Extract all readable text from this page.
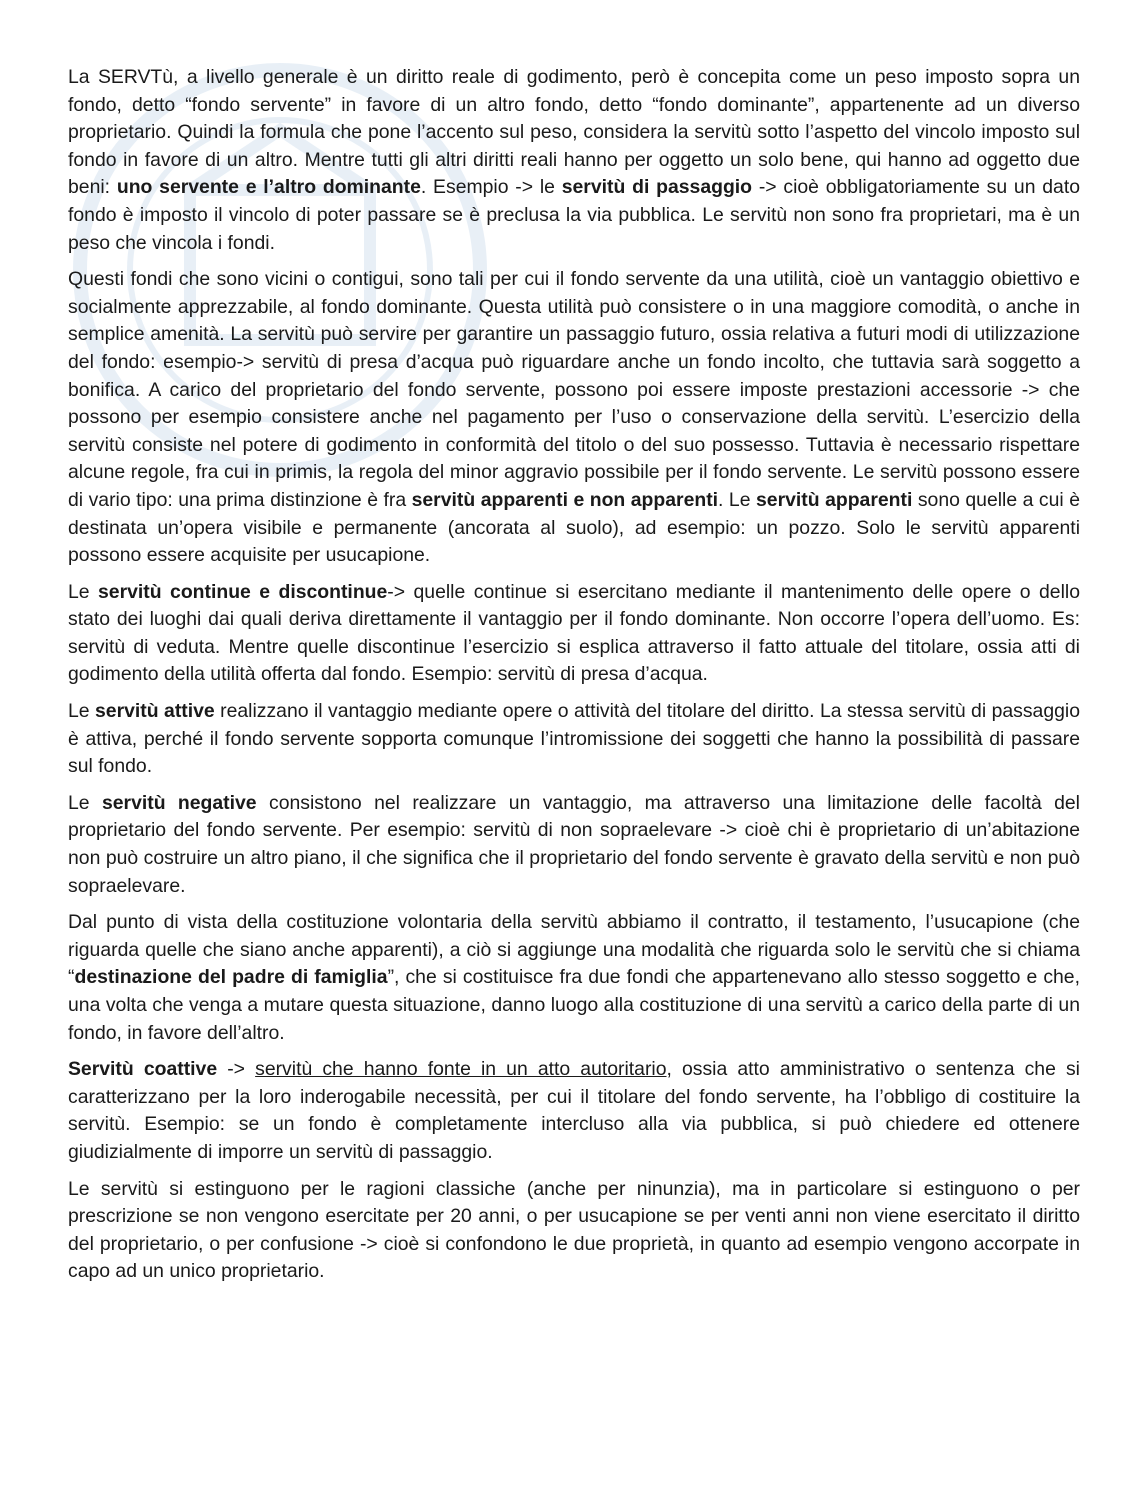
La SERVTù, a livello generale è un diritto reale di godimento, però è concepita come un peso imposto sopra un fondo, detto “fondo servente” in favore di un altro fondo, detto “fondo dominante”, appartenente ad un diverso proprietario. Quindi la formula che pone l’accento sul peso, considera la servitù sotto l’aspetto del vincolo imposto sul fondo in favore di un altro. Mentre tutti gli altri diritti reali hanno per oggetto un solo bene, qui hanno ad oggetto due beni: uno servente e l’altro dominante. Esempio -> le servitù di passaggio -> cioè obbligatoriamente su un dato fondo è imposto il vincolo di poter passare se è preclusa la via pubblica. Le servitù non sono fra proprietari, ma è un peso che vincola i fondi.

Questi fondi che sono vicini o contigui, sono tali per cui il fondo servente da una utilità, cioè un vantaggio obiettivo e socialmente apprezzabile, al fondo dominante. Questa utilità può consistere o in una maggiore comodità, o anche in semplice amenità. La servitù può servire per garantire un passaggio futuro, ossia relativa a futuri modi di utilizzazione del fondo: esempio-> servitù di presa d’acqua può riguardare anche un fondo incolto, che tuttavia sarà soggetto a bonifica. A carico del proprietario del fondo servente, possono poi essere imposte prestazioni accessorie -> che possono per esempio consistere anche nel pagamento per l’uso o conservazione della servitù. L’esercizio della servitù consiste nel potere di godimento in conformità del titolo o del suo possesso. Tuttavia è necessario rispettare alcune regole, fra cui in primis, la regola del minor aggravio possibile per il fondo servente. Le servitù possono essere di vario tipo: una prima distinzione è fra servitù apparenti e non apparenti. Le servitù apparenti sono quelle a cui è destinata un’opera visibile e permanente (ancorata al suolo), ad esempio: un pozzo. Solo le servitù apparenti possono essere acquisite per usucapione.

Le servitù continue e discontinue-> quelle continue si esercitano mediante il mantenimento delle opere o dello stato dei luoghi dai quali deriva direttamente il vantaggio per il fondo dominante. Non occorre l’opera dell’uomo. Es: servitù di veduta. Mentre quelle discontinue l’esercizio si esplica attraverso il fatto attuale del titolare, ossia atti di godimento della utilità offerta dal fondo. Esempio: servitù di presa d’acqua.

Le servitù attive realizzano il vantaggio mediante opere o attività del titolare del diritto. La stessa servitù di passaggio è attiva, perché il fondo servente sopporta comunque l’intromissione dei soggetti che hanno la possibilità di passare sul fondo.

Le servitù negative consistono nel realizzare un vantaggio, ma attraverso una limitazione delle facoltà del proprietario del fondo servente. Per esempio: servitù di non sopraelevare -> cioè chi è proprietario di un’abitazione non può costruire un altro piano, il che significa che il proprietario del fondo servente è gravato della servitù e non può sopraelevare.

Dal punto di vista della costituzione volontaria della servitù abbiamo il contratto, il testamento, l’usucapione (che riguarda quelle che siano anche apparenti), a ciò si aggiunge una modalità che riguarda solo le servitù che si chiama “destinazione del padre di famiglia”, che si costituisce fra due fondi che appartenevano allo stesso soggetto e che, una volta che venga a mutare questa situazione, danno luogo alla costituzione di una servitù a carico della parte di un fondo, in favore dell’altro.

Servitù coattive -> servitù che hanno fonte in un atto autoritario, ossia atto amministrativo o sentenza che si caratterizzano per la loro inderogabile necessità, per cui il titolare del fondo servente, ha l’obbligo di costituire la servitù. Esempio: se un fondo è completamente intercluso alla via pubblica, si può chiedere ed ottenere giudizialmente di imporre un servitù di passaggio.

Le servitù si estinguono per le ragioni classiche (anche per ninunzia), ma in particolare si estinguono o per prescrizione se non vengono esercitate per 20 anni, o per usucapione se per venti anni non viene esercitato il diritto del proprietario, o per confusione -> cioè si confondono le due proprietà, in quanto ad esempio vengono accorpate in capo ad un unico proprietario.
